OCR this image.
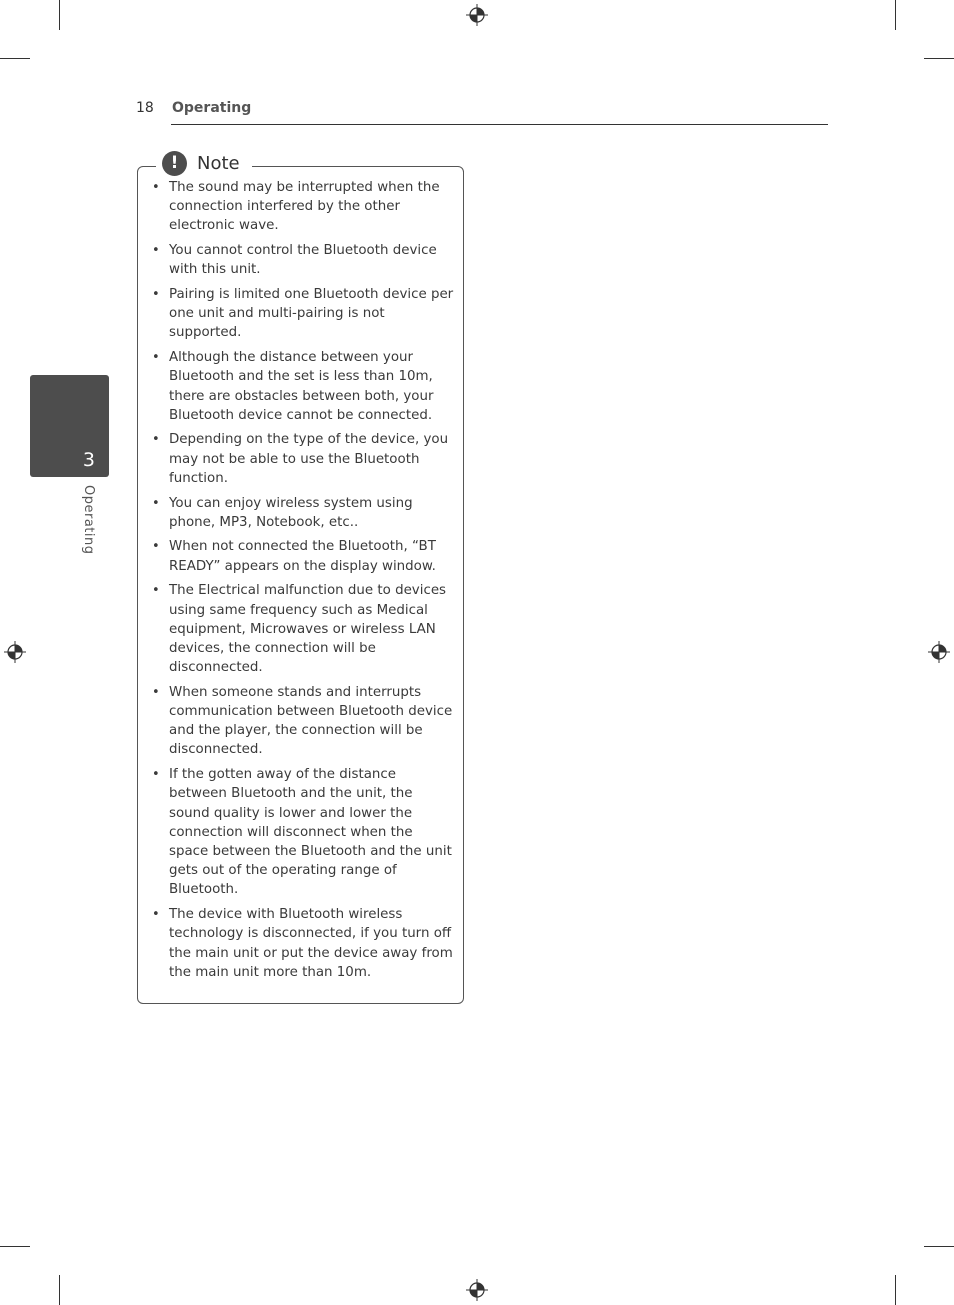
18 Operating
3
Operating
!	Note
• The sound may be interrupted when the connection interfered by the other electronic wave.
• You cannot control the Bluetooth device with this unit.
• Pairing is limited one Bluetooth device per one unit and multi-pairing is not supported.
• Although the distance between your Bluetooth and the set is less than 10m, there are obstacles between both, your Bluetooth device cannot be connected.
• Depending on the type of the device, you may not be able to use the Bluetooth function.
• You can enjoy wireless system using phone, MP3, Notebook, etc..
• When not connected the Bluetooth, “BT READY” appears on the display window.
• The Electrical malfunction due to devices using same frequency such as Medical equipment, Microwaves or wireless LAN devices, the connection will be disconnected.
• When someone stands and interrupts communication between Bluetooth device and the player, the connection will be disconnected.
• If the gotten away of the distance between Bluetooth and the unit, the sound quality is lower and lower the connection will disconnect when the space between the Bluetooth and the unit gets out of the operating range of Bluetooth.
• The device with Bluetooth wireless technology is disconnected, if you turn off the main unit or put the device away from the main unit more than 10m.
